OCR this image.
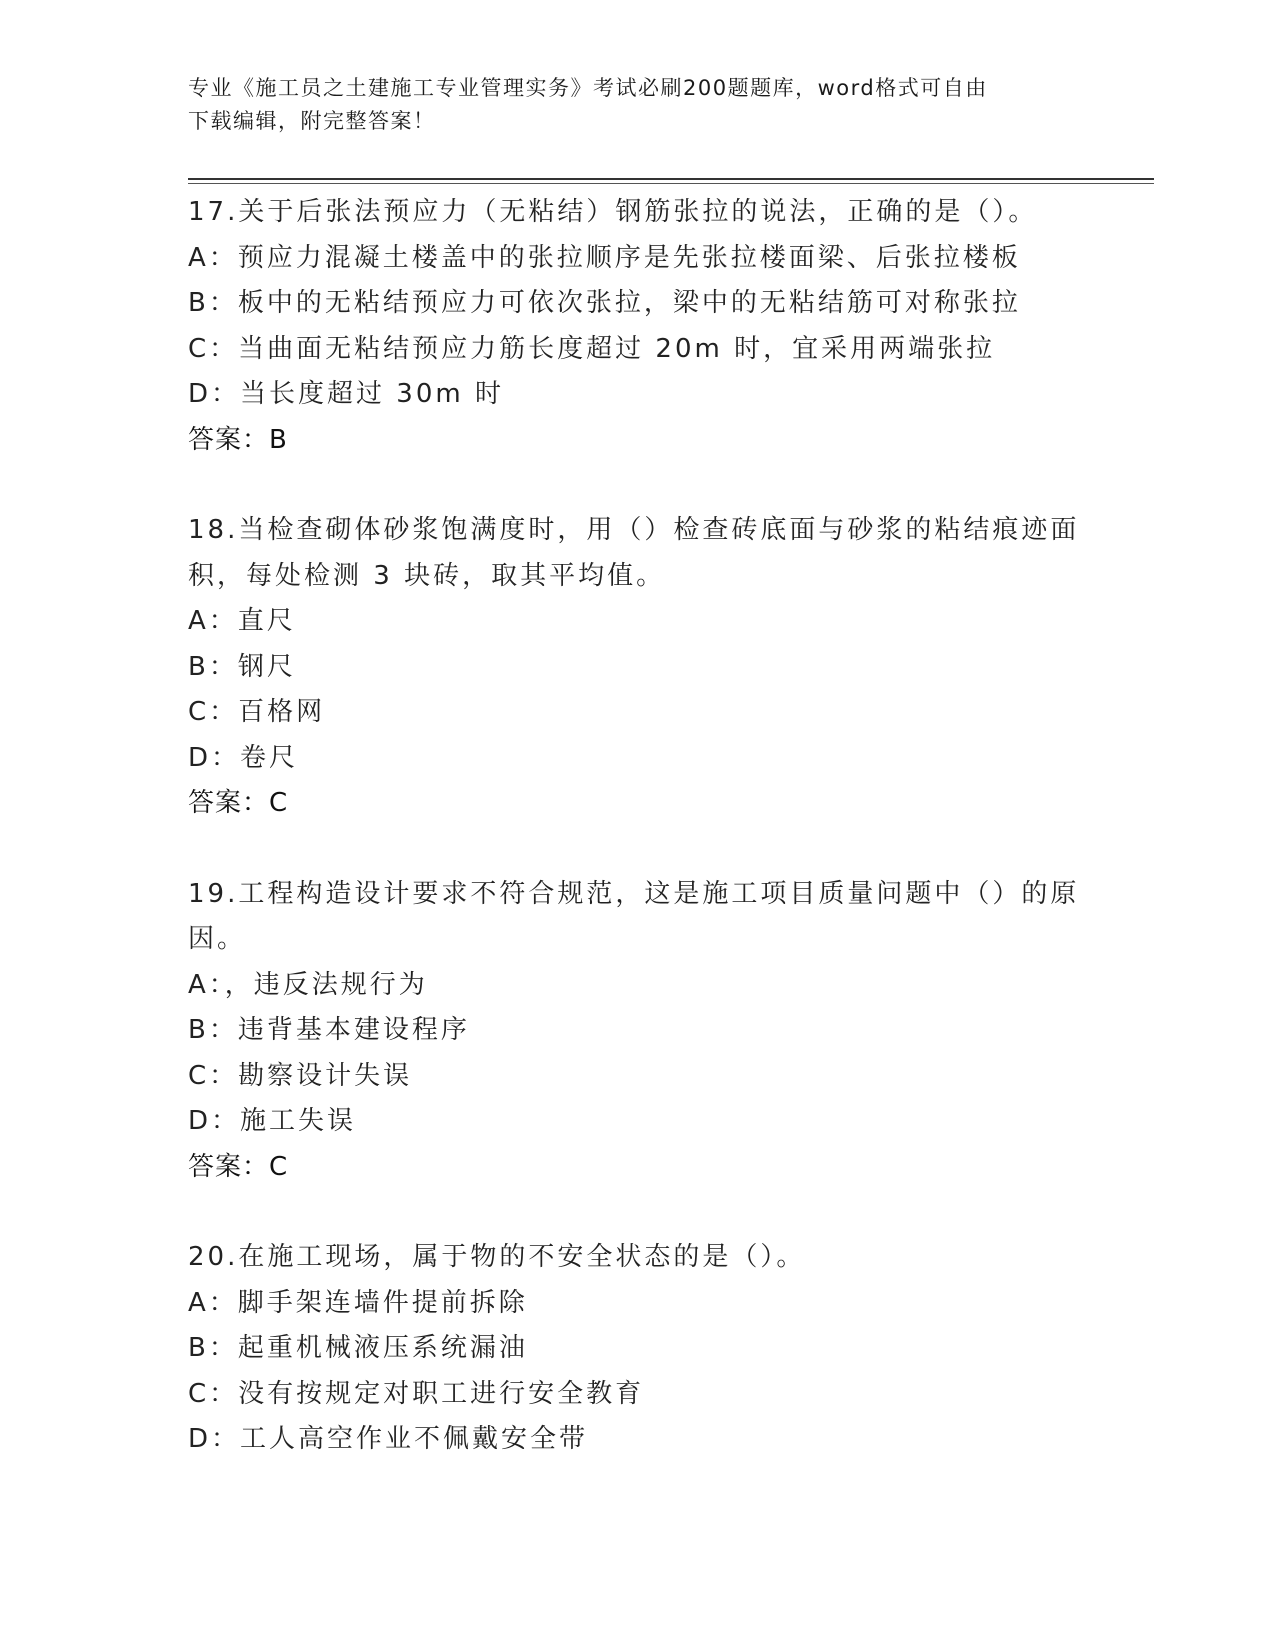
专业《施工员之土建施工专业管理实务》考试必刷200题题库，word格式可自由
下载编辑，附完整答案！
17.关于后张法预应力（无粘结）钢筋张拉的说法，正确的是（）。
A：预应力混凝土楼盖中的张拉顺序是先张拉楼面梁、后张拉楼板
B：板中的无粘结预应力可依次张拉，梁中的无粘结筋可对称张拉
C：当曲面无粘结预应力筋长度超过 20m 时，宜采用两端张拉
D：当长度超过 30m 时
答案：B
18.当检查砌体砂浆饱满度时，用（）检查砖底面与砂浆的粘结痕迹面
积，每处检测 3 块砖，取其平均值。
A：直尺
B：钢尺
C：百格网
D：卷尺
答案：C
19.工程构造设计要求不符合规范，这是施工项目质量问题中（）的原
因。
A：，违反法规行为
B：违背基本建设程序
C：勘察设计失误
D：施工失误
答案：C
20.在施工现场，属于物的不安全状态的是（）。
A：脚手架连墙件提前拆除
B：起重机械液压系统漏油
C：没有按规定对职工进行安全教育
D：工人高空作业不佩戴安全带
